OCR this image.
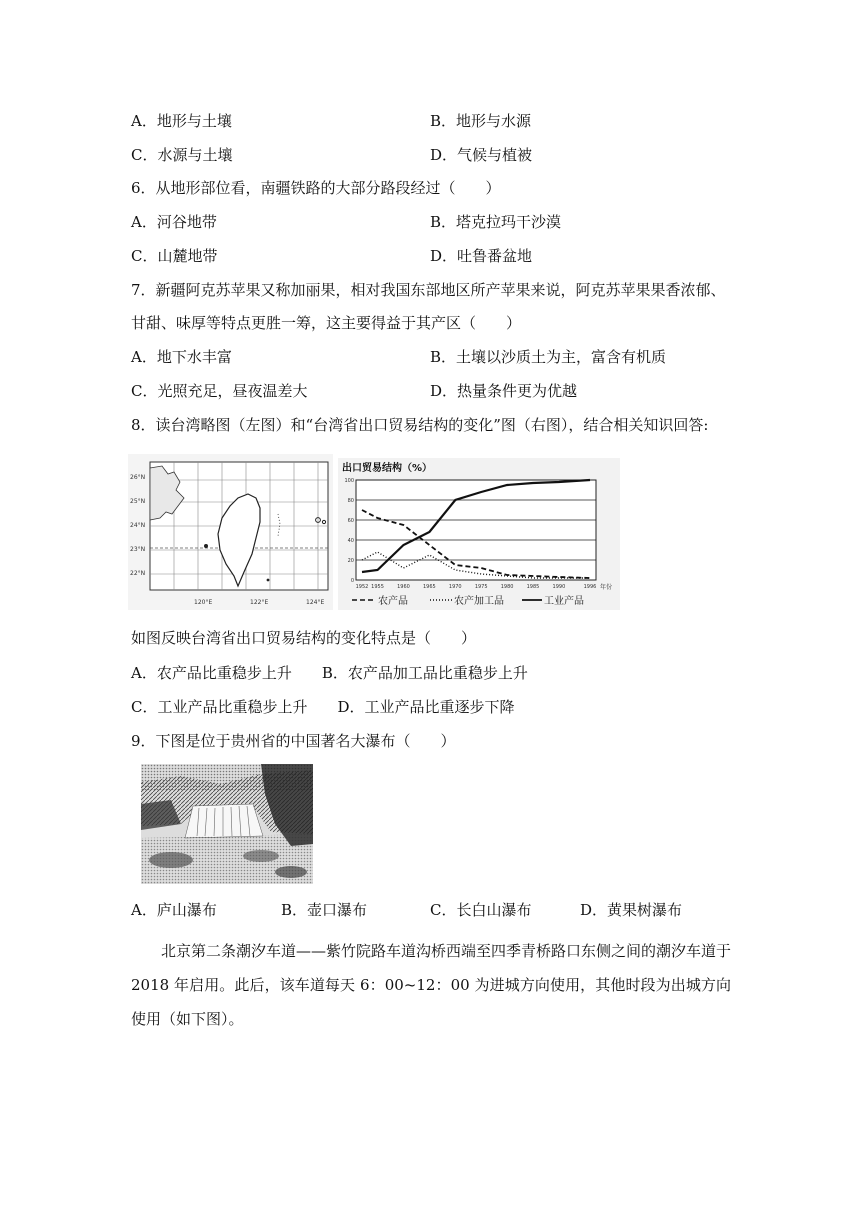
A．地形与土壤	B．地形与水源
C．水源与土壤	D．气候与植被
6．从地形部位看，南疆铁路的大部分路段经过（　　）
A．河谷地带	B．塔克拉玛干沙漠
C．山麓地带	D．吐鲁番盆地
7．新疆阿克苏苹果又称加丽果，相对我国东部地区所产苹果来说，阿克苏苹果果香浓郁、
甘甜、味厚等特点更胜一筹，这主要得益于其产区（　　）
A．地下水丰富	B．土壤以沙质土为主，富含有机质
C．光照充足，昼夜温差大	D．热量条件更为优越
8．读台湾略图（左图）和“台湾省出口贸易结构的变化”图（右图），结合相关知识回答:
26°N
25°N
24°N
23°N
22°N
120°E	122°E	124°E
出口贸易结构（%）
0
20
40
60
80
100
1952 1955	1960	1965	1970	1975	1980	1985	1990	1996 年份
农产品	农产加工品	工业产品
如图反映台湾省出口贸易结构的变化特点是（　　）
A．农产品比重稳步上升　　B．农产品加工品比重稳步上升
C．工业产品比重稳步上升　　D．工业产品比重逐步下降
9．下图是位于贵州省的中国著名大瀑布（　　）
A．庐山瀑布	B．壶口瀑布	C．长白山瀑布	D．黄果树瀑布
北京第二条潮汐车道——紫竹院路车道沟桥西端至四季青桥路口东侧之间的潮汐车道于 2018 年启用。此后，该车道每天 6：00~12：00 为进城方向使用，其他时段为出城方向使用（如下图）。
